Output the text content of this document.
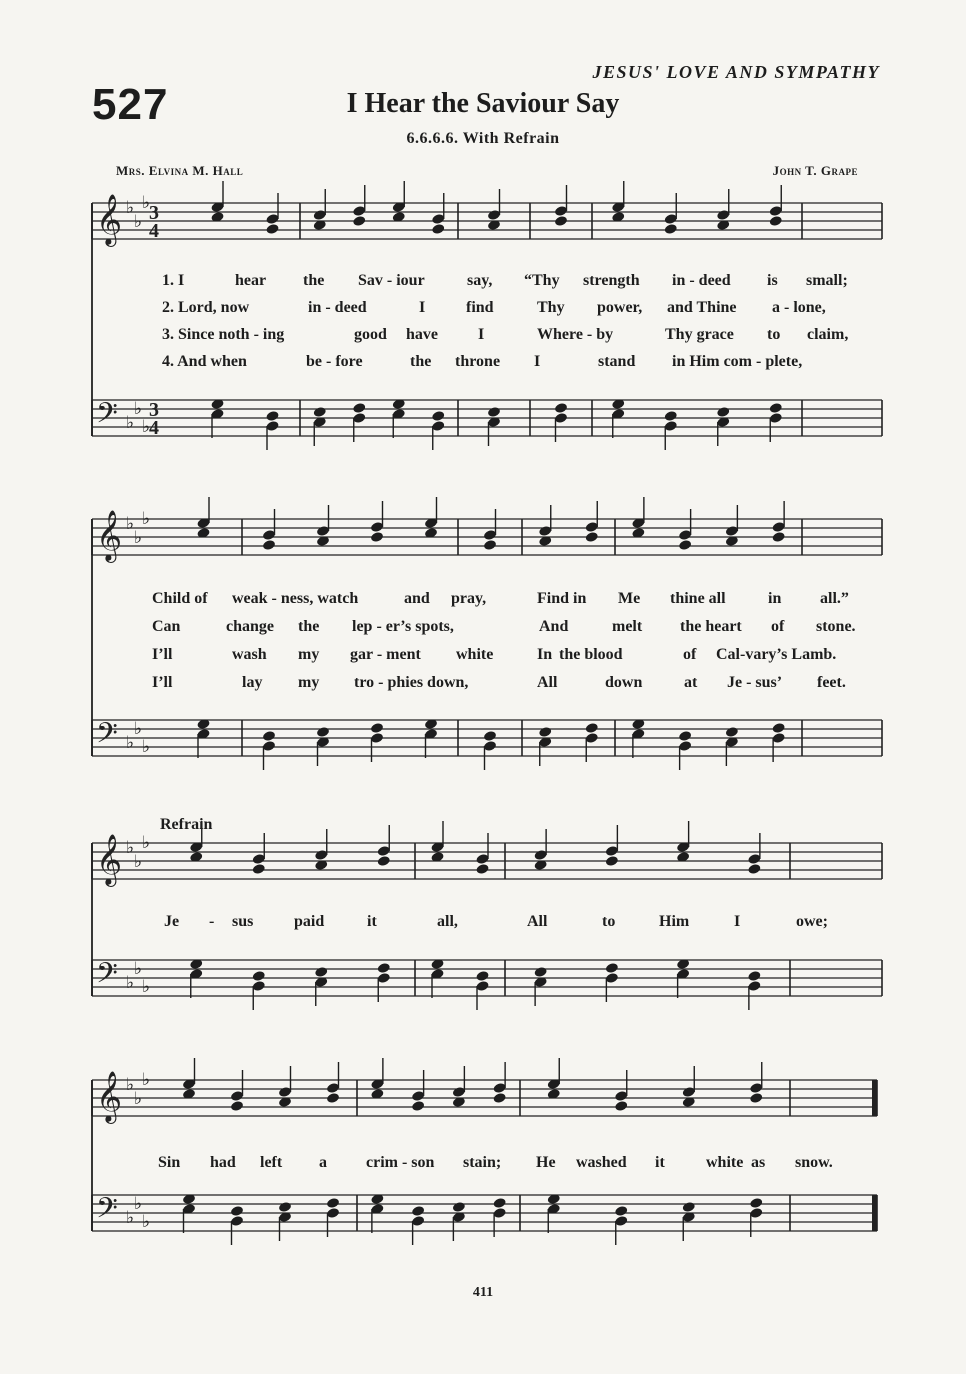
JESUS' LOVE AND SYMPATHY
527	I Hear the Saviour Say
6.6.6.6. With Refrain
Mrs. Elvina M. Hall	John T. Grape
𝄞 ♭
♭
♭
𝄢 ♭
♭
♭
𝄞 ♭
♭
♭
𝄢 ♭
♭
♭
𝄞 ♭
♭
♭
𝄢 ♭
♭
♭
𝄞 ♭
♭
♭
𝄢 ♭
♭
♭
3
4
3
4
1. I	hear the Sav - iour	say, “Thy strength in - deed is small;
2. Lord, now	in - deed	I	find	Thy power, and Thine a - lone,
3. Since noth - ing	good have	I	Where - by	Thy grace to claim,
4. And when	be - fore	the throne I	stand in Him com - plete,
Child of weak - ness, watch	and pray,	Find in Me thine all	in all.”
Can	change the lep - er’s spots,	And	melt the heart of stone.
I’ll	wash my gar - ment white	In the blood	of Cal-vary’s Lamb.
I’ll	lay my tro - phies down,	All	down	at Je - sus’ feet.
Refrain
Je - sus	paid	it	all,	All	to	Him	I	owe;
Sin had left a crim - son stain; He washed it	white as snow.
411
